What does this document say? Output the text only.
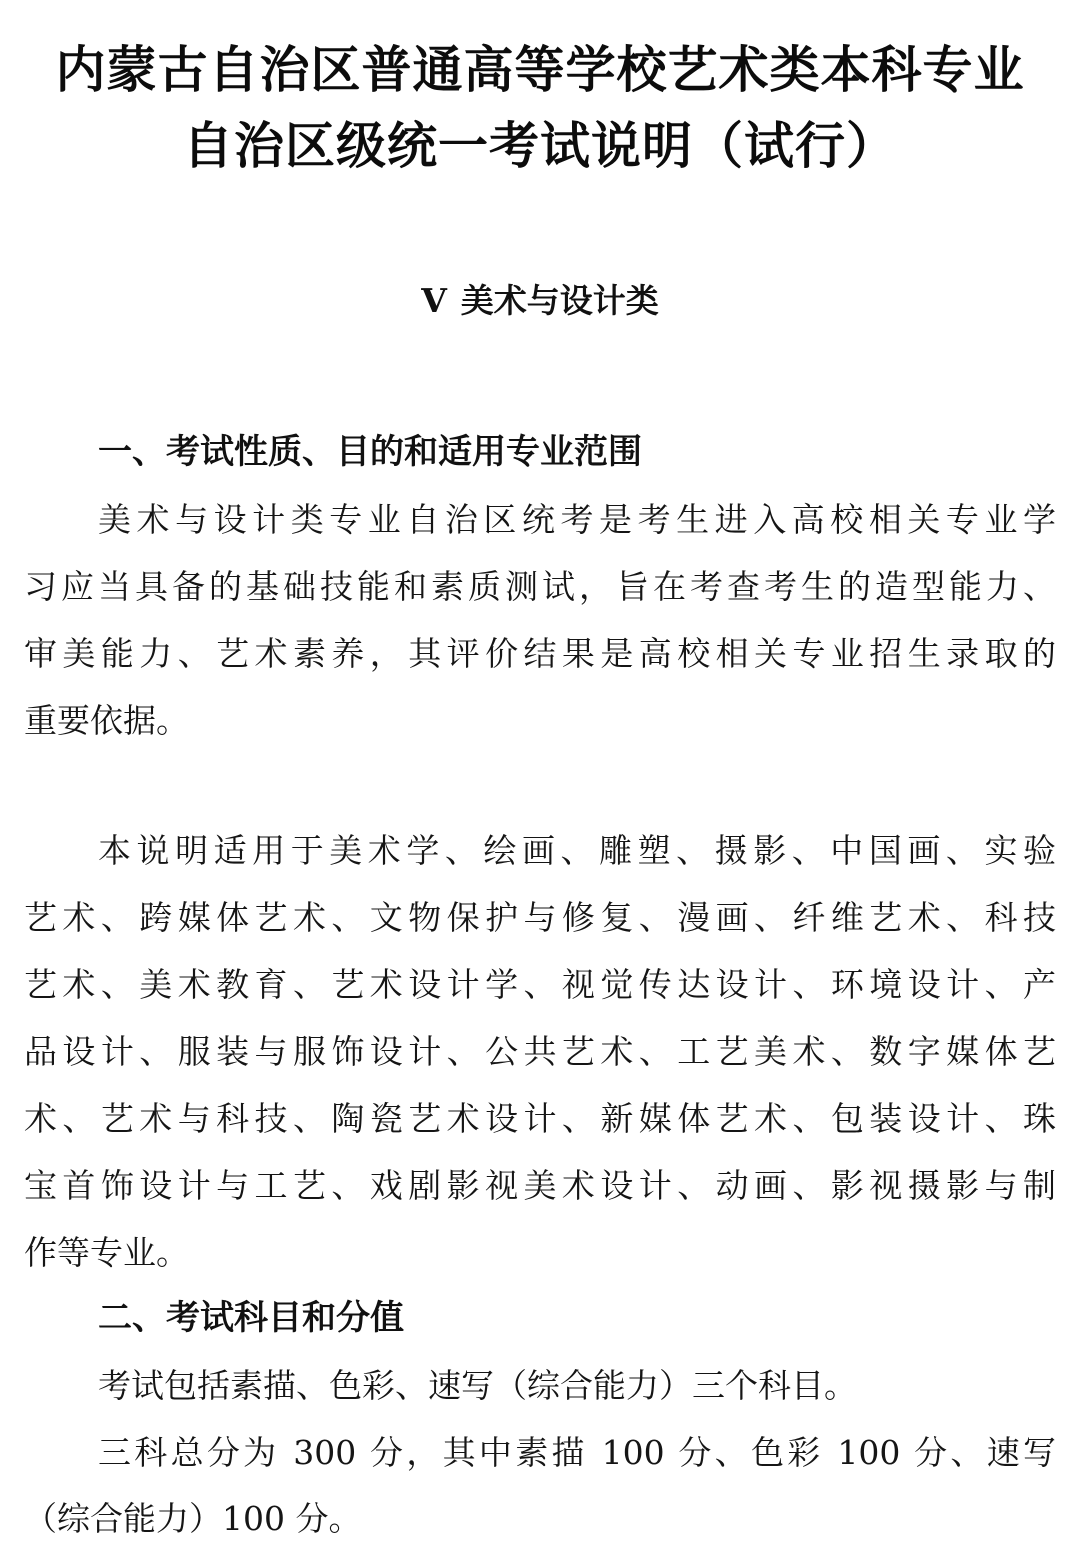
内蒙古自治区普通高等学校艺术类本科专业
自治区级统一考试说明（试行）
V 美术与设计类
一、考试性质、目的和适用专业范围
美术与设计类专业自治区统考是考生进入高校相关专业学
习应当具备的基础技能和素质测试，旨在考查考生的造型能力、
审美能力、艺术素养，其评价结果是高校相关专业招生录取的
重要依据。
本说明适用于美术学、绘画、雕塑、摄影、中国画、实验
艺术、跨媒体艺术、文物保护与修复、漫画、纤维艺术、科技
艺术、美术教育、艺术设计学、视觉传达设计、环境设计、产
品设计、服装与服饰设计、公共艺术、工艺美术、数字媒体艺
术、艺术与科技、陶瓷艺术设计、新媒体艺术、包装设计、珠
宝首饰设计与工艺、戏剧影视美术设计、动画、影视摄影与制
作等专业。
二、考试科目和分值
考试包括素描、色彩、速写（综合能力）三个科目。
三科总分为 300 分，其中素描 100 分、色彩 100 分、速写
（综合能力）100 分。
